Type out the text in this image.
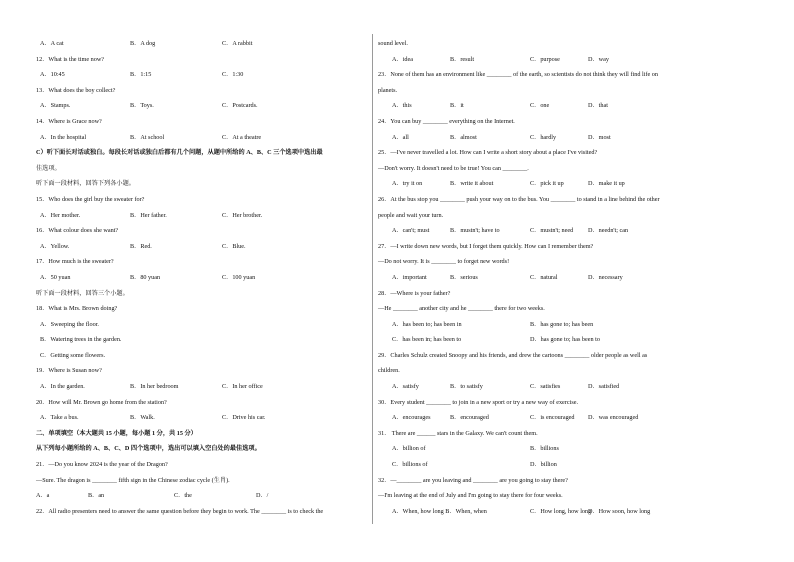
A．A cat	B．A dog	C．A rabbit
12．What is the time now?
A．10:45	B．1:15	C．1:30
13．What does the boy collect?
A．Stamps.	B．Toys.	C．Postcards.
14．Where is Grace now?
A．In the hospital	B．At school	C．At a theatre
C）听下面长对话或独白。每段长对话或独白后都有几个问题，从题中所给的 A、B、C 三个选项中选出最
佳选项。
听下面一段材料，回答下列各小题。
15．Who does the girl buy the sweater for?
A．Her mother.	B．Her father.	C．Her brother.
16．What colour does she want?
A．Yellow.	B．Red.	C．Blue.
17．How much is the sweater?
A．50 yuan	B．80 yuan	C．100 yuan
听下面一段材料，回答三个小题。
18．What is Mrs. Brown doing?
A．Sweeping the floor.
B．Watering trees in the garden.
C．Getting some flowers.
19．Where is Susan now?
A．In the garden.	B．In her bedroom	C．In her office
20．How will Mr. Brown go home from the station?
A．Take a bus.	B．Walk.	C．Drive his car.
二、单项填空（本大题共 15 小题，每小题 1 分，共 15 分）
从下列每小题所给的 A、B、C、D 四个选项中，选出可以填入空白处的最佳选项。
21．—Do you know 2024 is the year of the Dragon?
—Sure. The dragon is ________ fifth sign in the Chinese zodiac cycle (生肖).
A．a	B．an	C．the	D．/
22．All radio presenters need to answer the same question before they begin to work. The ________ is to check the
sound level.
A．idea	B．result	C．purpose	D．way
23．None of them has an environment like ________ of the earth, so scientists do not think they will find life on
planets.
A．this	B．it	C．one	D．that
24．You can buy ________ everything on the Internet.
A．all	B．almost	C．hardly	D．most
25．—I've never travelled a lot. How can I write a short story about a place I've visited?
—Don't worry. It doesn't need to be true! You can ________.
A．try it on	B．write it about	C．pick it up	D．make it up
26．At the bus stop you ________ push your way on to the bus. You ________ to stand in a line behind the other
people and wait your turn.
A．can't; must	B．mustn't; have to	C．mustn't; need D．needn't; can
27．—I write down new words, but I forget them quickly. How can I remember them?
—Do not worry. It is ________ to forget new words!
A．important	B．serious	C．natural	D．necessary
28．—Where is your father?
—He ________ another city and he ________ there for two weeks.
A．has been to; has been in	B．has gone to; has been
C．has been in; has been to	D．has gone to; has been to
29．Charles Schulz created Snoopy and his friends, and drew the cartoons ________ older people as well as
children.
A．satisfy	B．to satisfy	C．satisfies	D．satisfied
30．Every student ________ to join in a new sport or try a new way of exercise.
A．encourages	B．encouraged	C．is encouraged D．was encouraged
31． There are ______ stars in the Galaxy. We can't count them.
A．billion of	B．billions
C．billions of	D．billion
32．—________ are you leaving and ________ are you going to stay there?
—I'm leaving at the end of July and I'm going to stay there for four weeks.
A．When, how long B．When, when	C．How long, how long
D．How soon, how long
